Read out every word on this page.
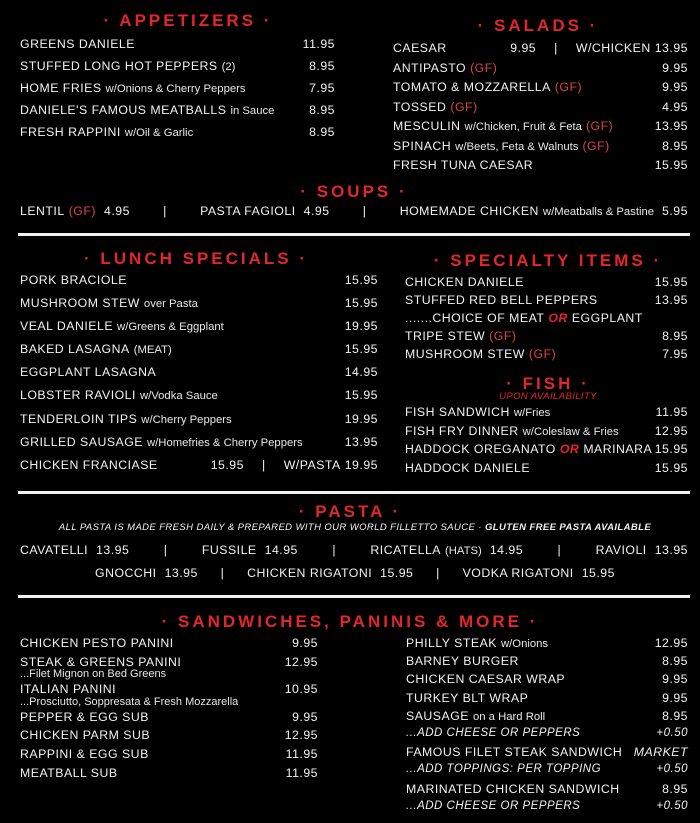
· APPETIZERS ·
GREENS DANIELE	11.95
STUFFED LONG HOT PEPPERS (2)	8.95
HOME FRIES w/Onions & Cherry Peppers	7.95
DANIELE'S FAMOUS MEATBALLS in Sauce	8.95
FRESH RAPPINI w/Oil & Garlic	8.95
· SALADS ·
CAESAR	9.95 | W/CHICKEN 13.95
ANTIPASTO (GF)	9.95
TOMATO & MOZZARELLA (GF)	9.95
TOSSED (GF)	4.95
MESCULIN w/Chicken, Fruit & Feta (GF)	13.95
SPINACH w/Beets, Feta & Walnuts (GF)	8.95
FRESH TUNA CAESAR	15.95
· SOUPS ·
LENTIL (GF) 4.95	|	PASTA FAGIOLI 4.95	|	HOMEMADE CHICKEN w/Meatballs & Pastine 5.95
· LUNCH SPECIALS ·
PORK BRACIOLE	15.95
MUSHROOM STEW over Pasta	15.95
VEAL DANIELE w/Greens & Eggplant	19.95
BAKED LASAGNA (MEAT)	15.95
EGGPLANT LASAGNA	14.95
LOBSTER RAVIOLI w/Vodka Sauce	15.95
TENDERLOIN TIPS w/Cherry Peppers	19.95
GRILLED SAUSAGE w/Homefries & Cherry Peppers	13.95
CHICKEN FRANCIASE	15.95 | W/PASTA 19.95
· SPECIALTY ITEMS ·
CHICKEN DANIELE	15.95
STUFFED RED BELL PEPPERS	13.95
.......CHOICE OF MEAT OR EGGPLANT
TRIPE STEW (GF)	8.95
MUSHROOM STEW (GF)	7.95
· FISH ·
UPON AVAILABILITY
FISH SANDWICH w/Fries	11.95
FISH FRY DINNER w/Coleslaw & Fries	12.95
HADDOCK OREGANATO OR MARINARA 15.95
HADDOCK DANIELE	15.95
· PASTA ·
ALL PASTA IS MADE FRESH DAILY & PREPARED WITH OUR WORLD FILLETTO SAUCE · GLUTEN FREE PASTA AVAILABLE
CAVATELLI 13.95	|	FUSSILE 14.95	|	RICATELLA (HATS) 14.95	|	RAVIOLI 13.95
GNOCCHI 13.95 | CHICKEN RIGATONI 15.95 | VODKA RIGATONI 15.95
· SANDWICHES, PANINIS & MORE ·
CHICKEN PESTO PANINI	9.95
STEAK & GREENS PANINI	12.95
...Filet Mignon on Bed Greens
ITALIAN PANINI	10.95
...Prosciutto, Soppresata & Fresh Mozzarella
PEPPER & EGG SUB	9.95
CHICKEN PARM SUB	12.95
RAPPINI & EGG SUB	11.95
MEATBALL SUB	11.95
PHILLY STEAK w/Onions	12.95
BARNEY BURGER	8.95
CHICKEN CAESAR WRAP	9.95
TURKEY BLT WRAP	9.95
SAUSAGE on a Hard Roll	8.95
...ADD CHEESE OR PEPPERS	+0.50
FAMOUS FILET STEAK SANDWICH MARKET
...ADD TOPPINGS: PER TOPPING	+0.50
MARINATED CHICKEN SANDWICH	8.95
...ADD CHEESE OR PEPPERS	+0.50
